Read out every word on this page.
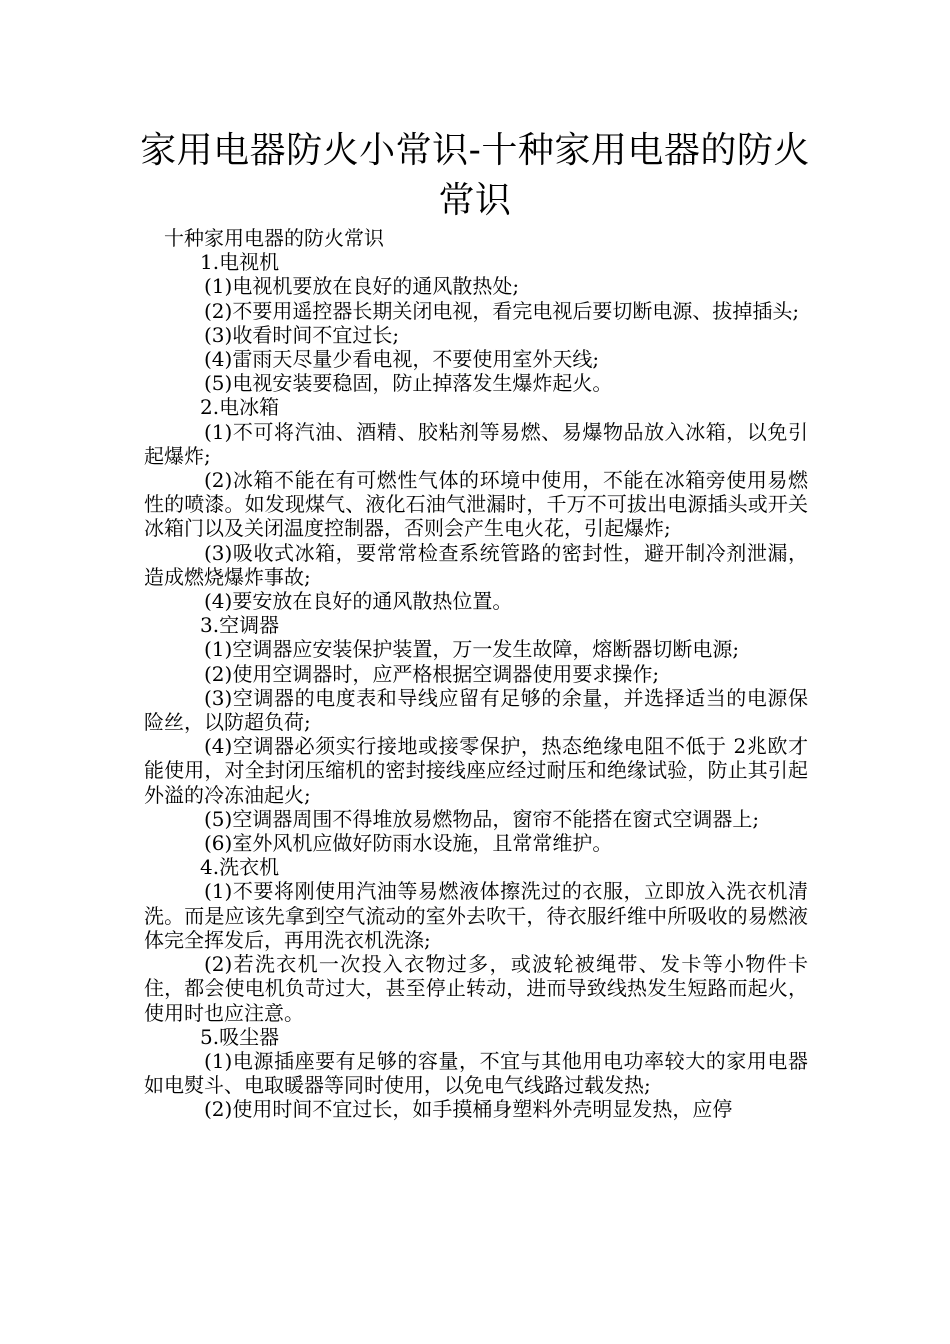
家用电器防火小常识-十种家用电器的防火常识

十种家用电器的防火常识

1.电视机

(1)电视机要放在良好的通风散热处;

(2)不要用遥控器长期关闭电视，看完电视后要切断电源、拔掉插头;

(3)收看时间不宜过长;

(4)雷雨天尽量少看电视，不要使用室外天线;

(5)电视安装要稳固，防止掉落发生爆炸起火。

2.电冰箱

(1)不可将汽油、酒精、胶粘剂等易燃、易爆物品放入冰箱，以免引起爆炸;

(2)冰箱不能在有可燃性气体的环境中使用，不能在冰箱旁使用易燃性的喷漆。如发现煤气、液化石油气泄漏时，千万不可拔出电源插头或开关冰箱门以及关闭温度控制器，否则会产生电火花，引起爆炸;

(3)吸收式冰箱，要常常检查系统管路的密封性，避开制冷剂泄漏，造成燃烧爆炸事故;

(4)要安放在良好的通风散热位置。

3.空调器

(1)空调器应安装保护装置，万一发生故障，熔断器切断电源;

(2)使用空调器时，应严格根据空调器使用要求操作;

(3)空调器的电度表和导线应留有足够的余量，并选择适当的电源保险丝，以防超负荷;

(4)空调器必须实行接地或接零保护，热态绝缘电阻不低于 2兆欧才能使用，对全封闭压缩机的密封接线座应经过耐压和绝缘试验，防止其引起外溢的冷冻油起火;

(5)空调器周围不得堆放易燃物品，窗帘不能搭在窗式空调器上;

(6)室外风机应做好防雨水设施，且常常维护。

4.洗衣机

(1)不要将刚使用汽油等易燃液体擦洗过的衣服，立即放入洗衣机清洗。而是应该先拿到空气流动的室外去吹干，待衣服纤维中所吸收的易燃液体完全挥发后，再用洗衣机洗涤;

(2)若洗衣机一次投入衣物过多，或波轮被绳带、发卡等小物件卡住，都会使电机负苛过大，甚至停止转动，进而导致线热发生短路而起火，使用时也应注意。

5.吸尘器

(1)电源插座要有足够的容量，不宜与其他用电功率较大的家用电器如电熨斗、电取暖器等同时使用，以免电气线路过载发热;

(2)使用时间不宜过长，如手摸桶身塑料外壳明显发热，应停
